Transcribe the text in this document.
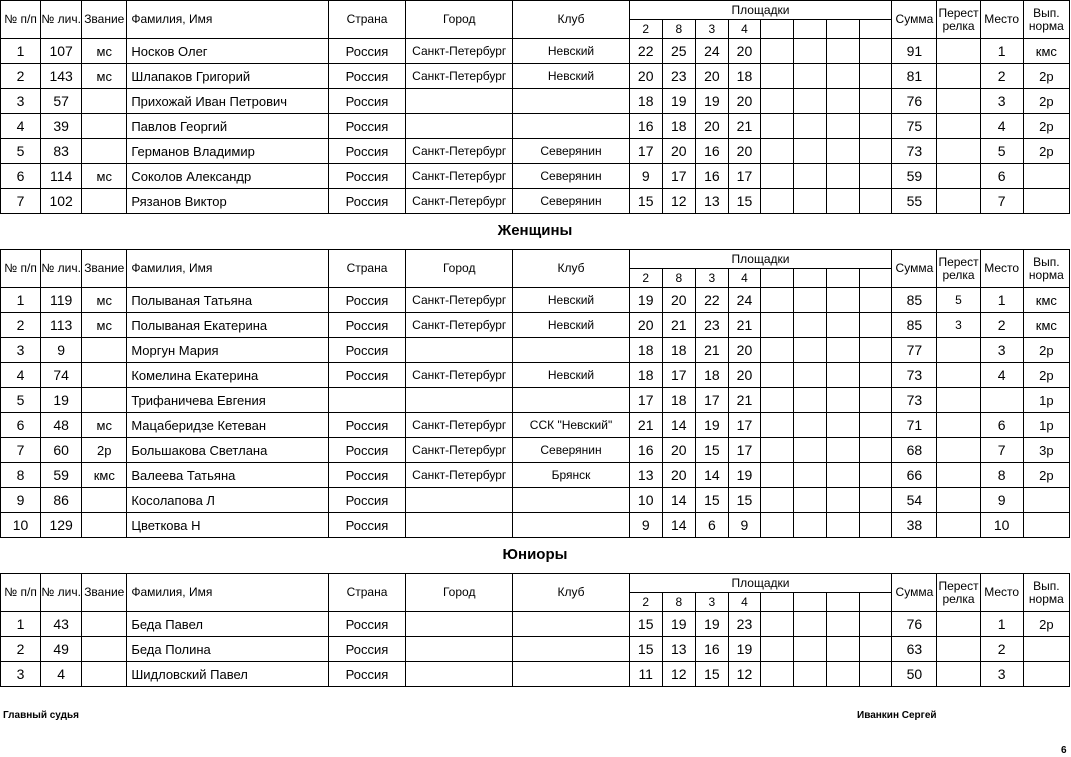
№ п/п	№ лич.	Звание	Фамилия, Имя	Страна	Город	Клуб	Площадки								Сумма	Перест релка	Место	Вып. норма
							2	8	3	4								
1	107	мс	Носков Олег	Россия	Санкт-Петербург	Невский	22	25	24	20					91		1	кмс
2	143	мс	Шлапаков Григорий	Россия	Санкт-Петербург	Невский	20	23	20	18					81		2	2р
3	57		Прихожай Иван Петрович	Россия			18	19	19	20					76		3	2р
4	39		Павлов Георгий	Россия			16	18	20	21					75		4	2р
5	83		Германов Владимир	Россия	Санкт-Петербург	Северянин	17	20	16	20					73		5	2р
6	114	мс	Соколов Александр	Россия	Санкт-Петербург	Северянин	9	17	16	17					59		6	
7	102		Рязанов Виктор	Россия	Санкт-Петербург	Северянин	15	12	13	15					55		7	
Женщины
№ п/п	№ лич.	Звание	Фамилия, Имя	Страна	Город	Клуб	Площадки								Сумма	Перест релка	Место	Вып. норма
							2	8	3	4								
1	119	мс	Полываная Татьяна	Россия	Санкт-Петербург	Невский	19	20	22	24					85	5	1	кмс
2	113	мс	Полываная Екатерина	Россия	Санкт-Петербург	Невский	20	21	23	21					85	3	2	кмс
3	9		Моргун Мария	Россия			18	18	21	20					77		3	2р
4	74		Комелина Екатерина	Россия	Санкт-Петербург	Невский	18	17	18	20					73		4	2р
5	19		Трифаничева Евгения				17	18	17	21					73			1р
6	48	мс	Мацаберидзе Кетеван	Россия	Санкт-Петербург	ССК "Невский"	21	14	19	17					71		6	1р
7	60	2р	Большакова Светлана	Россия	Санкт-Петербург	Северянин	16	20	15	17					68		7	3р
8	59	кмс	Валеева Татьяна	Россия	Санкт-Петербург	Брянск	13	20	14	19					66		8	2р
9	86		Косолапова Л	Россия			10	14	15	15					54		9	
10	129		Цветкова Н	Россия			9	14	6	9					38		10	
Юниоры
№ п/п	№ лич.	Звание	Фамилия, Имя	Страна	Город	Клуб	Площадки								Сумма	Перест релка	Место	Вып. норма
							2	8	3	4								
1	43		Беда Павел	Россия			15	19	19	23					76		1	2р
2	49		Беда Полина	Россия			15	13	16	19					63		2	
3	4		Шидловский Павел	Россия			11	12	15	12					50		3	
Главный судья	Иванкин Сергей
6
